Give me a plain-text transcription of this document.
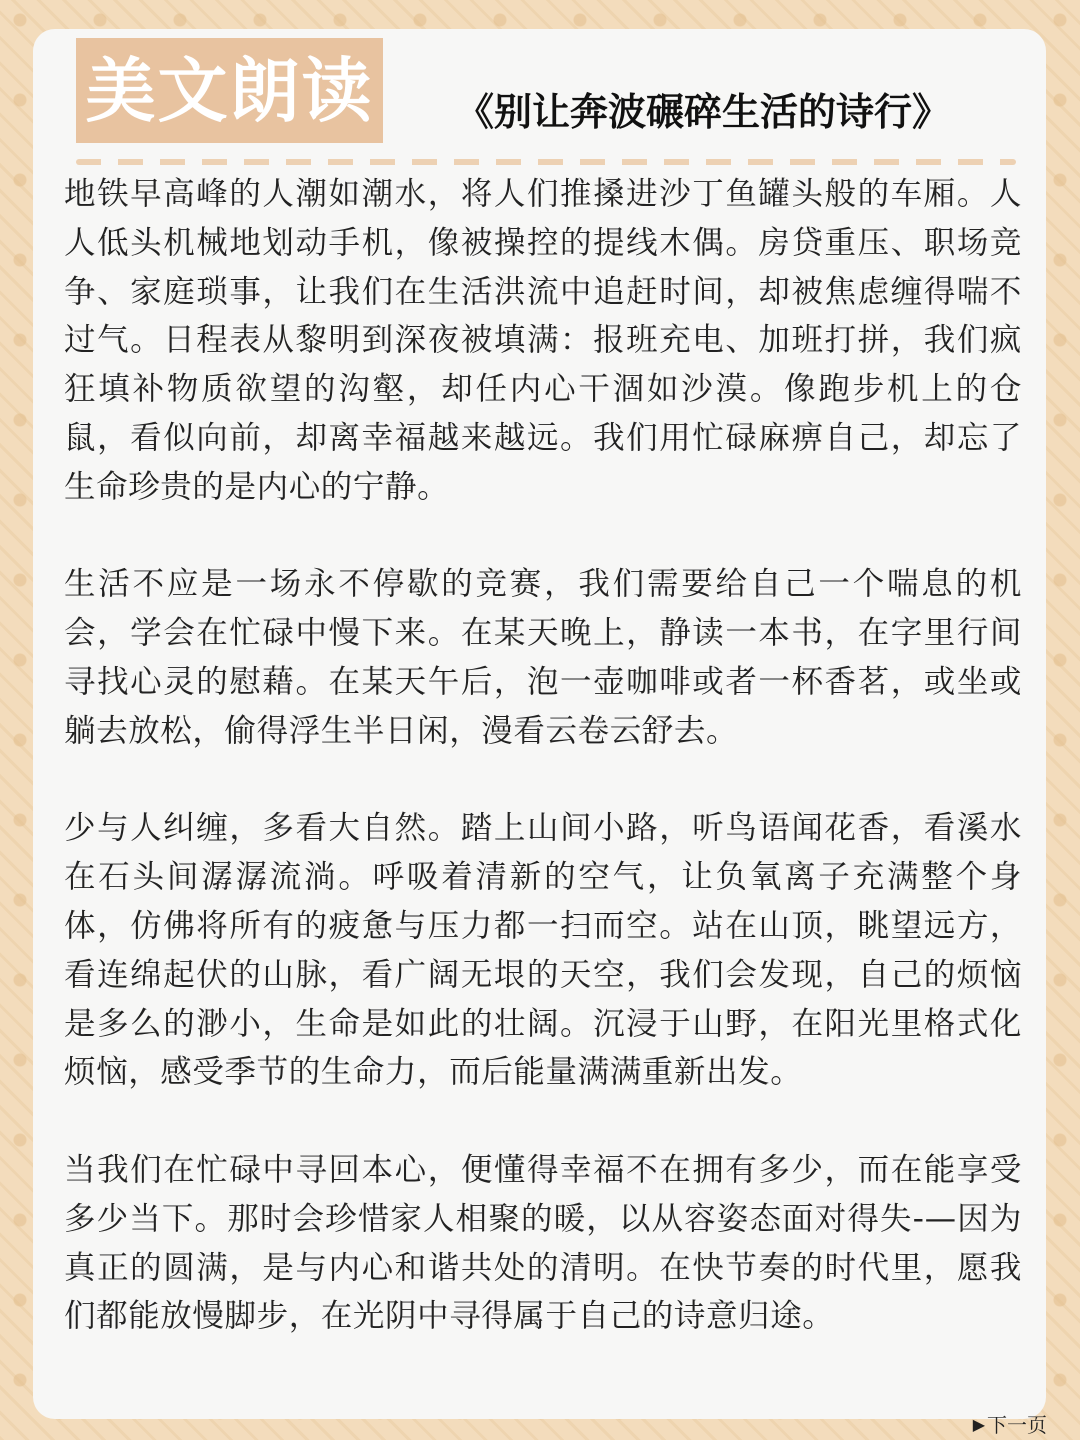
美文朗读 《别让奔波碾碎生活的诗行》

地铁早高峰的人潮如潮水，将人们推搡进沙丁鱼罐头般的车厢。人人低头机械地划动手机，像被操控的提线木偶。房贷重压、职场竞争、家庭琐事，让我们在生活洪流中追赶时间，却被焦虑缠得喘不过气。日程表从黎明到深夜被填满：报班充电、加班打拼，我们疯狂填补物质欲望的沟壑，却任内心干涸如沙漠。像跑步机上的仓鼠，看似向前，却离幸福越来越远。我们用忙碌麻痹自己，却忘了生命珍贵的是内心的宁静。

生活不应是一场永不停歇的竞赛，我们需要给自己一个喘息的机会，学会在忙碌中慢下来。在某天晚上，静读一本书，在字里行间寻找心灵的慰藉。在某天午后，泡一壶咖啡或者一杯香茗，或坐或躺去放松，偷得浮生半日闲，漫看云卷云舒去。

少与人纠缠，多看大自然。踏上山间小路，听鸟语闻花香，看溪水在石头间潺潺流淌。呼吸着清新的空气，让负氧离子充满整个身体，仿佛将所有的疲惫与压力都一扫而空。站在山顶，眺望远方，看连绵起伏的山脉，看广阔无垠的天空，我们会发现，自己的烦恼是多么的渺小，生命是如此的壮阔。沉浸于山野，在阳光里格式化烦恼，感受季节的生命力，而后能量满满重新出发。

当我们在忙碌中寻回本心，便懂得幸福不在拥有多少，而在能享受多少当下。那时会珍惜家人相聚的暖，以从容姿态面对得失-—因为真正的圆满，是与内心和谐共处的清明。在快节奏的时代里，愿我们都能放慢脚步，在光阴中寻得属于自己的诗意归途。

▶ 下一页
